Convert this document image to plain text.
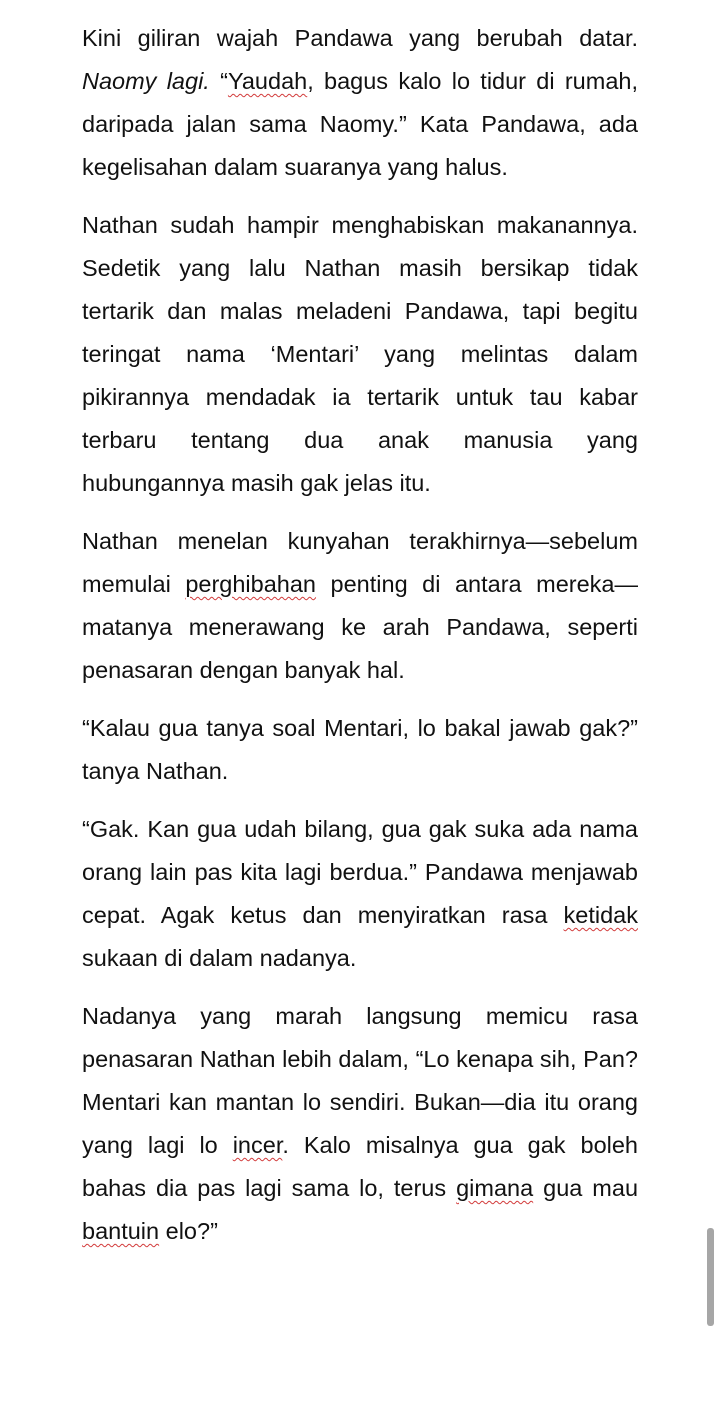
Kini giliran wajah Pandawa yang berubah datar. Naomy lagi. “Yaudah, bagus kalo lo tidur di rumah, daripada jalan sama Naomy.” Kata Pandawa, ada kegelisahan dalam suaranya yang halus.

Nathan sudah hampir menghabiskan makanannya. Sedetik yang lalu Nathan masih bersikap tidak tertarik dan malas meladeni Pandawa, tapi begitu teringat nama ‘Mentari’ yang melintas dalam pikirannya mendadak ia tertarik untuk tau kabar terbaru tentang dua anak manusia yang hubungannya masih gak jelas itu.

Nathan menelan kunyahan terakhirnya—sebelum memulai perghibahan penting di antara mereka—matanya menerawang ke arah Pandawa, seperti penasaran dengan banyak hal.

“Kalau gua tanya soal Mentari, lo bakal jawab gak?” tanya Nathan.

“Gak. Kan gua udah bilang, gua gak suka ada nama orang lain pas kita lagi berdua.” Pandawa menjawab cepat. Agak ketus dan menyiratkan rasa ketidak sukaan di dalam nadanya.

Nadanya yang marah langsung memicu rasa penasaran Nathan lebih dalam, “Lo kenapa sih, Pan? Mentari kan mantan lo sendiri. Bukan—dia itu orang yang lagi lo incer. Kalo misalnya gua gak boleh bahas dia pas lagi sama lo, terus gimana gua mau bantuin elo?”
